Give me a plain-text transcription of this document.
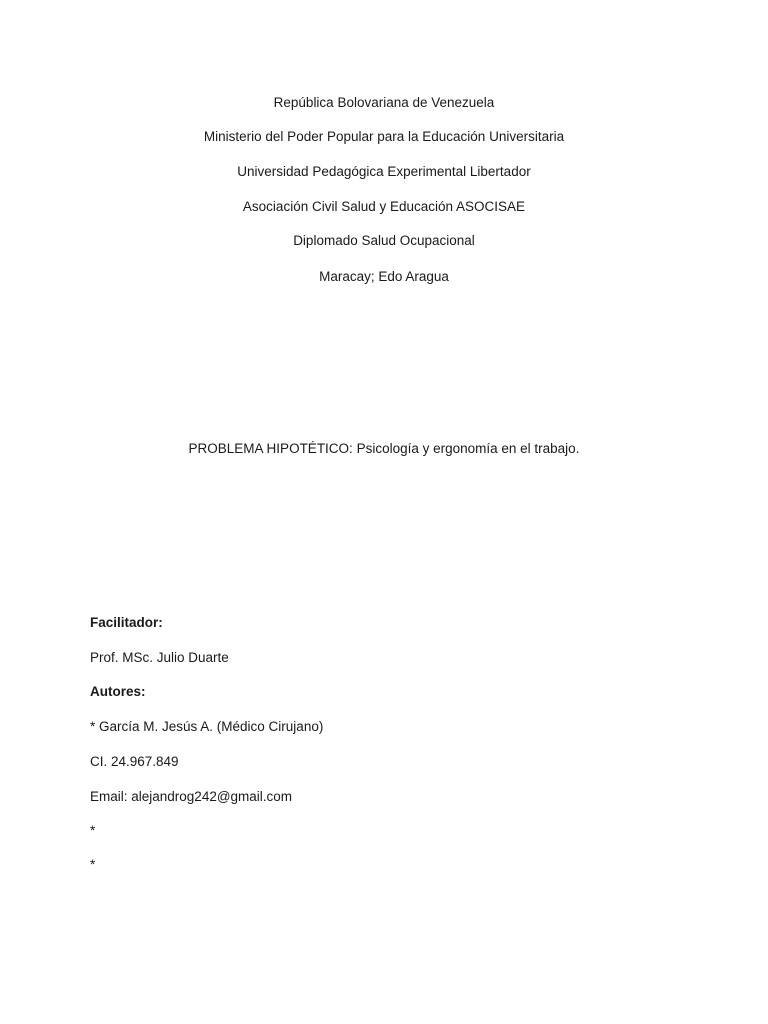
República Bolovariana de Venezuela
Ministerio del Poder Popular para la Educación Universitaria
Universidad Pedagógica Experimental Libertador
Asociación Civil Salud y Educación ASOCISAE
Diplomado Salud Ocupacional
Maracay; Edo Aragua
PROBLEMA HIPOTÉTICO: Psicología y ergonomía en el trabajo.
Facilitador:
Prof. MSc. Julio Duarte
Autores:
* García M. Jesús A. (Médico Cirujano)
CI. 24.967.849
Email: alejandrog242@gmail.com
*
*
